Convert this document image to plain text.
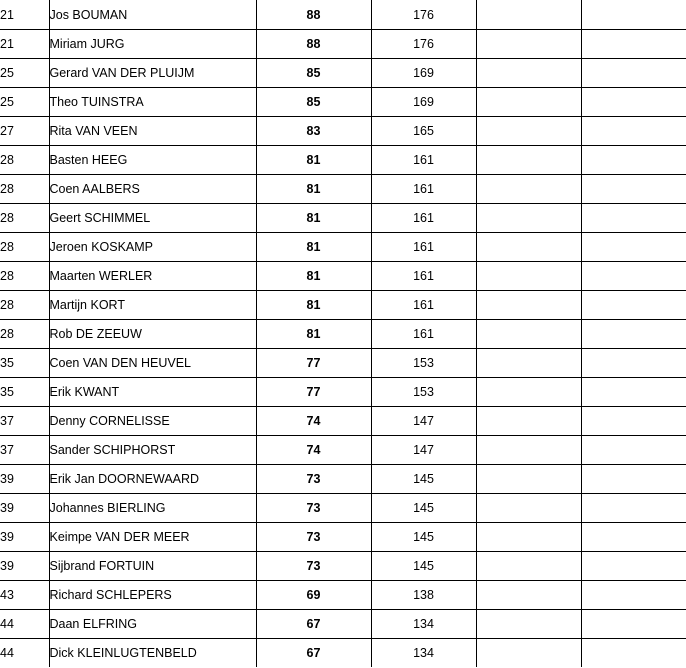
21	Jos BOUMAN	88	176		
21	Miriam JURG	88	176		
25	Gerard VAN DER PLUIJM	85	169		
25	Theo TUINSTRA	85	169		
27	Rita VAN VEEN	83	165		
28	Basten HEEG	81	161		
28	Coen AALBERS	81	161		
28	Geert SCHIMMEL	81	161		
28	Jeroen KOSKAMP	81	161		
28	Maarten WERLER	81	161		
28	Martijn KORT	81	161		
28	Rob DE ZEEUW	81	161		
35	Coen VAN DEN HEUVEL	77	153		
35	Erik KWANT	77	153		
37	Denny CORNELISSE	74	147		
37	Sander SCHIPHORST	74	147		
39	Erik Jan DOORNEWAARD	73	145		
39	Johannes BIERLING	73	145		
39	Keimpe VAN DER MEER	73	145		
39	Sijbrand FORTUIN	73	145		
43	Richard SCHLEPERS	69	138		
44	Daan ELFRING	67	134		
44	Dick KLEINLUGTENBELD	67	134		
